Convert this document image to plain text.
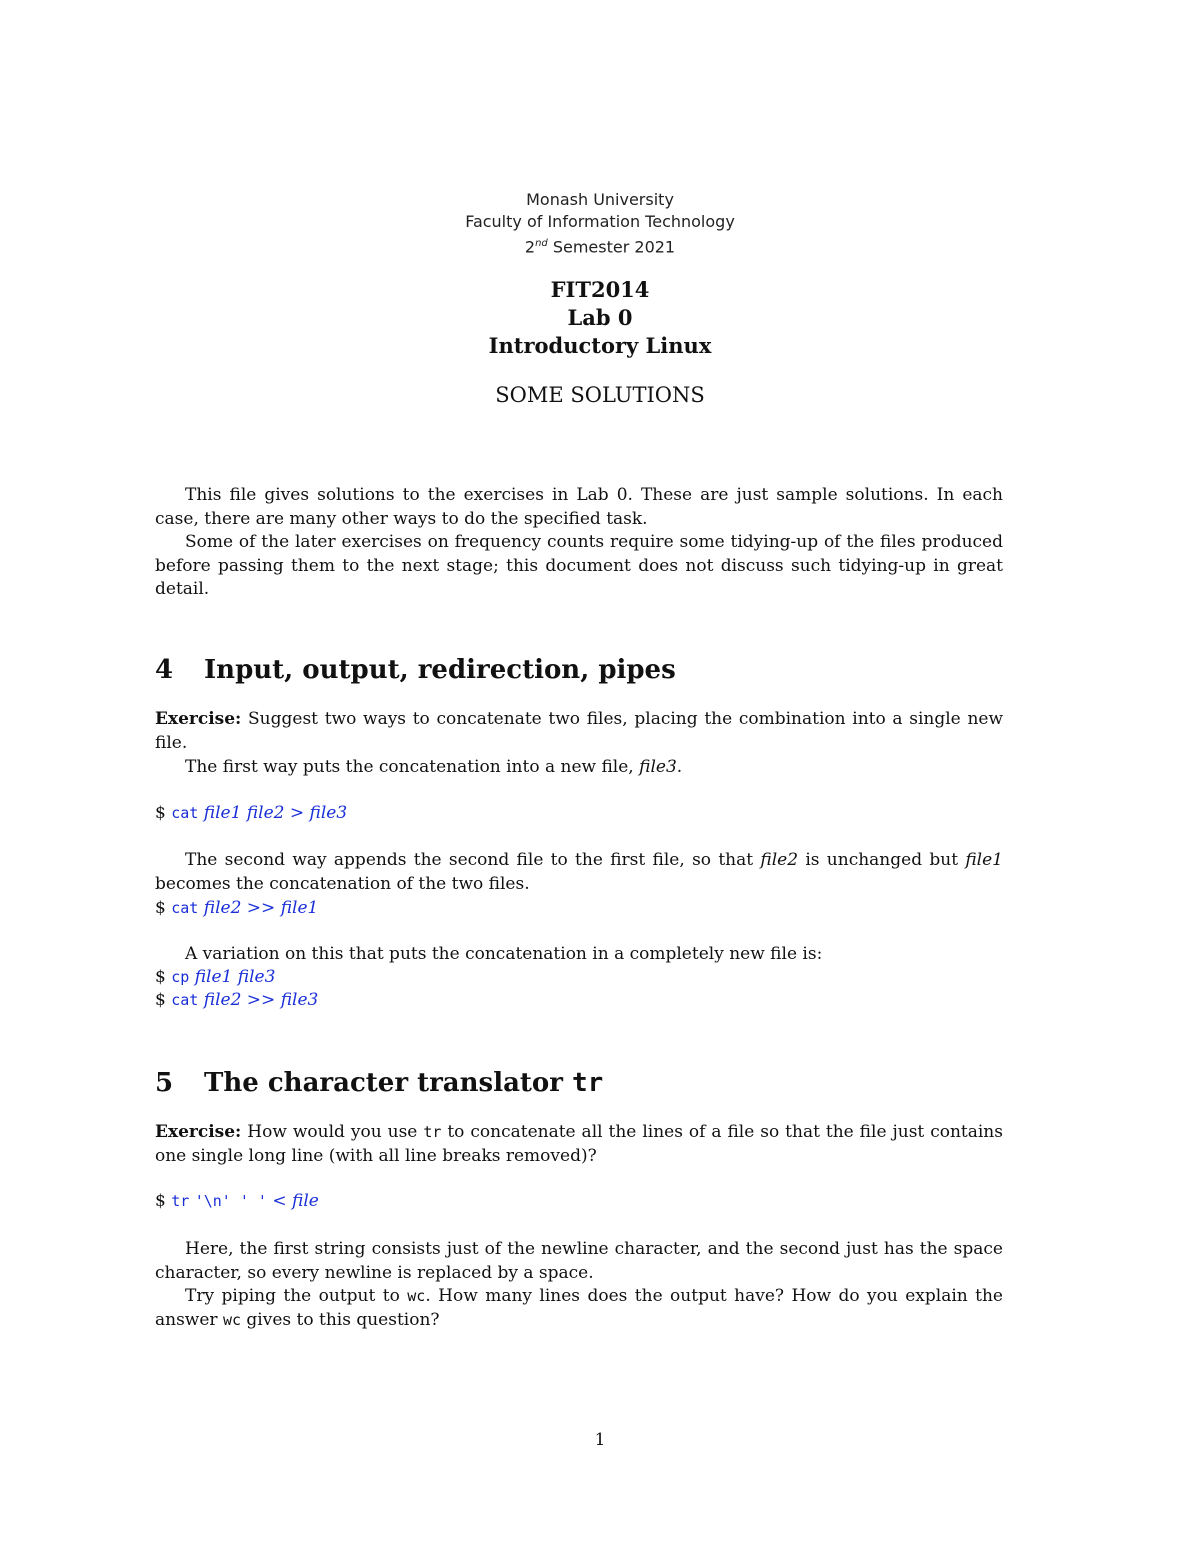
Monash University
Faculty of Information Technology
2nd Semester 2021
FIT2014
Lab 0
Introductory Linux
SOME SOLUTIONS
This file gives solutions to the exercises in Lab 0. These are just sample solutions. In each case, there are many other ways to do the specified task.
Some of the later exercises on frequency counts require some tidying-up of the files produced before passing them to the next stage; this document does not discuss such tidying-up in great detail.
4 Input, output, redirection, pipes
Exercise: Suggest two ways to concatenate two files, placing the combination into a single new file.
The first way puts the concatenation into a new file, file3.
$ cat file1 file2 > file3
The second way appends the second file to the first file, so that file2 is unchanged but file1 becomes the concatenation of the two files.
$ cat file2 >> file1
A variation on this that puts the concatenation in a completely new file is:
$ cp file1 file3
$ cat file2 >> file3
5 The character translator tr
Exercise: How would you use tr to concatenate all the lines of a file so that the file just contains one single long line (with all line breaks removed)?
$ tr '\n' ' ' < file
Here, the first string consists just of the newline character, and the second just has the space character, so every newline is replaced by a space.
Try piping the output to wc. How many lines does the output have? How do you explain the answer wc gives to this question?
1
